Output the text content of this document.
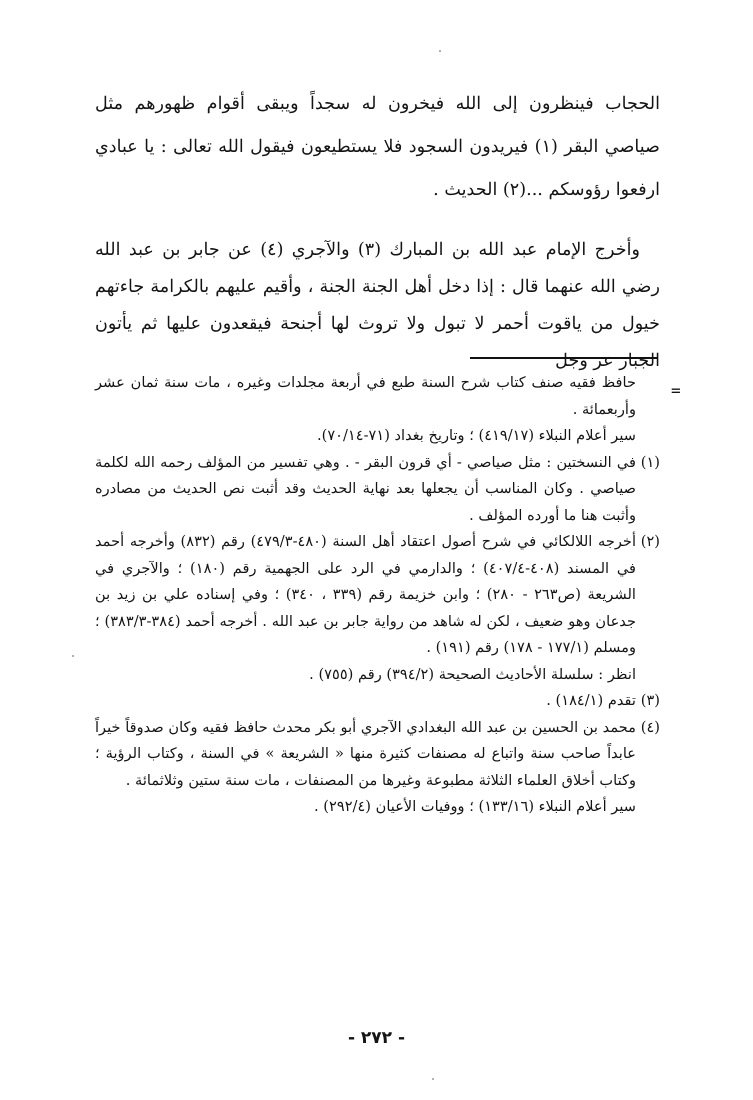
الحجاب فينظرون إلى الله فيخرون له سجداً ويبقى أقوام ظهورهم مثل صياصي البقر (١) فيريدون السجود فلا يستطيعون فيقول الله تعالى : يا عبادي ارفعوا رؤوسكم ...(٢) الحديث .

وأخرج الإمام عبد الله بن المبارك (٣) والآجري (٤) عن جابر بن عبد الله رضي الله عنهما قال : إذا دخل أهل الجنة الجنة ، وأقيم عليهم بالكرامة جاءتهم خيول من ياقوت أحمر لا تبول ولا تروث لها أجنحة فيقعدون عليها ثم يأتون الجبار عز وجل

=
حافظ فقيه صنف كتاب شرح السنة طبع في أربعة مجلدات وغيره ، مات سنة ثمان عشر وأربعمائة .
سير أعلام النبلاء (٤١٩/١٧) ؛ وتاريخ بغداد (٧١-٧٠/١٤).
(١)
في النسختين : مثل صياصي - أي قرون البقر - . وهي تفسير من المؤلف رحمه الله لكلمة صياصي . وكان المناسب أن يجعلها بعد نهاية الحديث وقد أثبت نص الحديث من مصادره وأثبت هنا ما أورده المؤلف .
(٢)
أخرجه اللالكائي في شرح أصول اعتقاد أهل السنة (٤٨٠-٤٧٩/٣) رقم (٨٣٢) وأخرجه أحمد في المسند (٤٠٨-٤٠٧/٤) ؛ والدارمي في الرد على الجهمية رقم (١٨٠) ؛ والآجري في الشريعة (ص٢٦٣ - ٢٨٠) ؛ وابن خزيمة رقم (٣٣٩ ، ٣٤٠) ؛ وفي إسناده علي بن زيد بن جدعان وهو ضعيف ، لكن له شاهد من رواية جابر بن عبد الله . أخرجه أحمد (٣٨٤-٣٨٣/٣) ؛ ومسلم (١٧٧/١ - ١٧٨) رقم (١٩١) .
انظر : سلسلة الأحاديث الصحيحة (٣٩٤/٢) رقم (٧٥٥) .
(٣)
تقدم (١٨٤/١) .
(٤)
محمد بن الحسين بن عبد الله البغدادي الآجري أبو بكر محدث حافظ فقيه وكان صدوقاً خيراً عابداً صاحب سنة واتباع له مصنفات كثيرة منها « الشريعة » في السنة ، وكتاب الرؤية ؛ وكتاب أخلاق العلماء الثلاثة مطبوعة وغيرها من المصنفات ، مات سنة ستين وثلاثمائة .
سير أعلام النبلاء (١٣٣/١٦) ؛ ووفيات الأعيان (٢٩٢/٤) .
- ٢٧٢ -
